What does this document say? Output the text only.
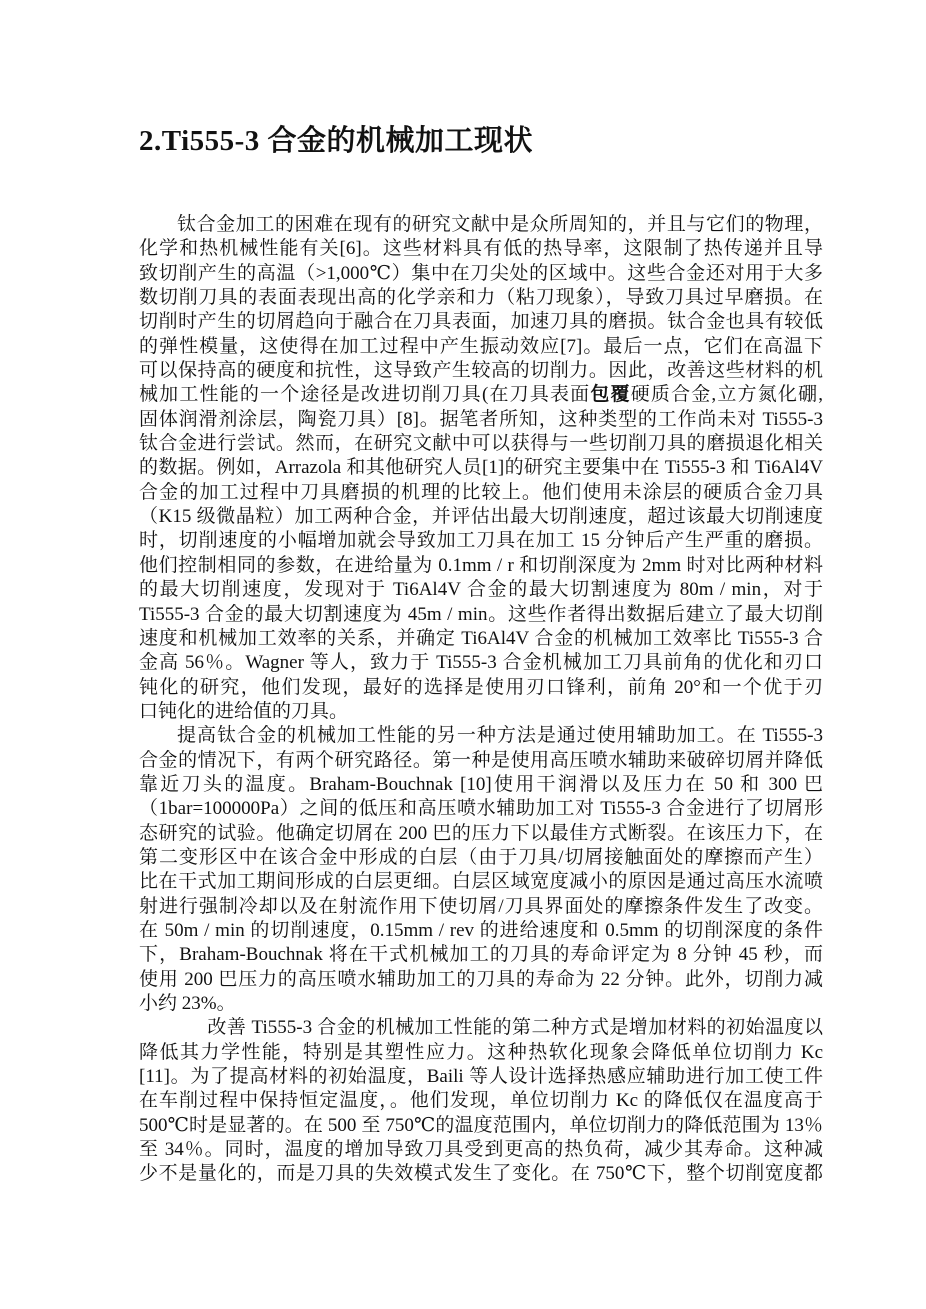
2.Ti555-3 合金的机械加工现状
钛合金加工的困难在现有的研究文献中是众所周知的，并且与它们的物理，
化学和热机械性能有关[6]。这些材料具有低的热导率，这限制了热传递并且导
致切削产生的高温（>1,000℃）集中在刀尖处的区域中。这些合金还对用于大多
数切削刀具的表面表现出高的化学亲和力（粘刀现象），导致刀具过早磨损。在
切削时产生的切屑趋向于融合在刀具表面，加速刀具的磨损。钛合金也具有较低
的弹性模量，这使得在加工过程中产生振动效应[7]。最后一点，它们在高温下
可以保持高的硬度和抗性，这导致产生较高的切削力。因此，改善这些材料的机
械加工性能的一个途径是改进切削刀具(在刀具表面包覆硬质合金,立方氮化硼,
固体润滑剂涂层，陶瓷刀具）[8]。据笔者所知，这种类型的工作尚未对 Ti555-3
钛合金进行尝试。然而，在研究文献中可以获得与一些切削刀具的磨损退化相关
的数据。例如，Arrazola 和其他研究人员[1]的研究主要集中在 Ti555-3 和 Ti6Al4V
合金的加工过程中刀具磨损的机理的比较上。他们使用未涂层的硬质合金刀具
（K15 级微晶粒）加工两种合金，并评估出最大切削速度，超过该最大切削速度
时，切削速度的小幅增加就会导致加工刀具在加工 15 分钟后产生严重的磨损。
他们控制相同的参数，在进给量为 0.1mm / r 和切削深度为 2mm 时对比两种材料
的最大切削速度，发现对于 Ti6Al4V 合金的最大切割速度为 80m / min，对于
Ti555-3 合金的最大切割速度为 45m / min。这些作者得出数据后建立了最大切削
速度和机械加工效率的关系，并确定 Ti6Al4V 合金的机械加工效率比 Ti555-3 合
金高 56％。Wagner 等人，致力于 Ti555-3 合金机械加工刀具前角的优化和刃口
钝化的研究，他们发现，最好的选择是使用刃口锋利，前角 20°和一个优于刃
口钝化的进给值的刀具。
提高钛合金的机械加工性能的另一种方法是通过使用辅助加工。在 Ti555-3
合金的情况下，有两个研究路径。第一种是使用高压喷水辅助来破碎切屑并降低
靠近刀头的温度。Braham-Bouchnak [10]使用干润滑以及压力在 50 和 300 巴
（1bar=100000Pa）之间的低压和高压喷水辅助加工对 Ti555-3 合金进行了切屑形
态研究的试验。他确定切屑在 200 巴的压力下以最佳方式断裂。在该压力下，在
第二变形区中在该合金中形成的白层（由于刀具/切屑接触面处的摩擦而产生）
比在干式加工期间形成的白层更细。白层区域宽度减小的原因是通过高压水流喷
射进行强制冷却以及在射流作用下使切屑/刀具界面处的摩擦条件发生了改变。
在 50m / min 的切削速度，0.15mm / rev 的进给速度和 0.5mm 的切削深度的条件
下，Braham-Bouchnak 将在干式机械加工的刀具的寿命评定为 8 分钟 45 秒，而
使用 200 巴压力的高压喷水辅助加工的刀具的寿命为 22 分钟。此外，切削力减
小约 23%。
改善 Ti555-3 合金的机械加工性能的第二种方式是增加材料的初始温度以
降低其力学性能，特别是其塑性应力。这种热软化现象会降低单位切削力 Kc
[11]。为了提高材料的初始温度，Baili 等人设计选择热感应辅助进行加工使工件
在车削过程中保持恒定温度，。他们发现，单位切削力 Kc 的降低仅在温度高于
500℃时是显著的。在 500 至 750℃的温度范围内，单位切削力的降低范围为 13％
至 34％。同时，温度的增加导致刀具受到更高的热负荷，减少其寿命。这种减
少不是量化的，而是刀具的失效模式发生了变化。在 750℃下，整个切削宽度都
